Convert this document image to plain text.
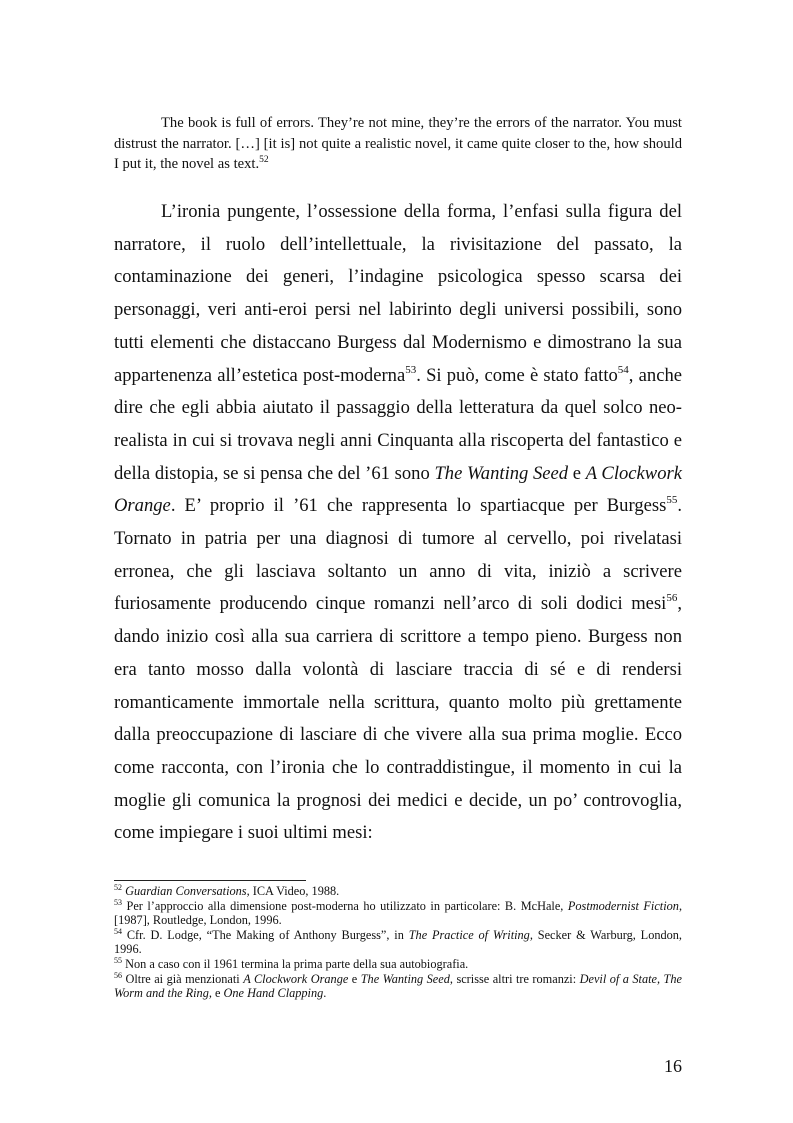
The book is full of errors. They’re not mine, they’re the errors of the narrator. You must distrust the narrator. […] [it is] not quite a realistic novel, it came quite closer to the, how should I put it, the novel as text.$^{52}$

L’ironia pungente, l’ossessione della forma, l’enfasi sulla figura del narratore, il ruolo dell’intellettuale, la rivisitazione del passato, la contaminazione dei generi, l’indagine psicologica spesso scarsa dei personaggi, veri anti-eroi persi nel labirinto degli universi possibili, sono tutti elementi che distaccano Burgess dal Modernismo e dimostrano la sua appartenenza all’estetica post-moderna$^{53}$. Si può, come è stato fatto$^{54}$, anche dire che egli abbia aiutato il passaggio della letteratura da quel solco neo-realista in cui si trovava negli anni Cinquanta alla riscoperta del fantastico e della distopia, se si pensa che del ’61 sono The Wanting Seed e A Clockwork Orange. E’ proprio il ’61 che rappresenta lo spartiacque per Burgess$^{55}$. Tornato in patria per una diagnosi di tumore al cervello, poi rivelatasi erronea, che gli lasciava soltanto un anno di vita, iniziò a scrivere furiosamente producendo cinque romanzi nell’arco di soli dodici mesi$^{56}$, dando inizio così alla sua carriera di scrittore a tempo pieno. Burgess non era tanto mosso dalla volontà di lasciare traccia di sé e di rendersi romanticamente immortale nella scrittura, quanto molto più grettamente dalla preoccupazione di lasciare di che vivere alla sua prima moglie. Ecco come racconta, con l’ironia che lo contraddistingue, il momento in cui la moglie gli comunica la prognosi dei medici e decide, un po’ controvoglia, come impiegare i suoi ultimi mesi:

$^{52}$ Guardian Conversations, ICA Video, 1988.

$^{53}$ Per l’approccio alla dimensione post-moderna ho utilizzato in particolare: B. McHale, Postmodernist Fiction, [1987], Routledge, London, 1996.

$^{54}$ Cfr. D. Lodge, “The Making of Anthony Burgess”, in The Practice of Writing, Secker & Warburg, London, 1996.

$^{55}$ Non a caso con il 1961 termina la prima parte della sua autobiografia.

$^{56}$ Oltre ai già menzionati A Clockwork Orange e The Wanting Seed, scrisse altri tre romanzi: Devil of a State, The Worm and the Ring, e One Hand Clapping.

16
